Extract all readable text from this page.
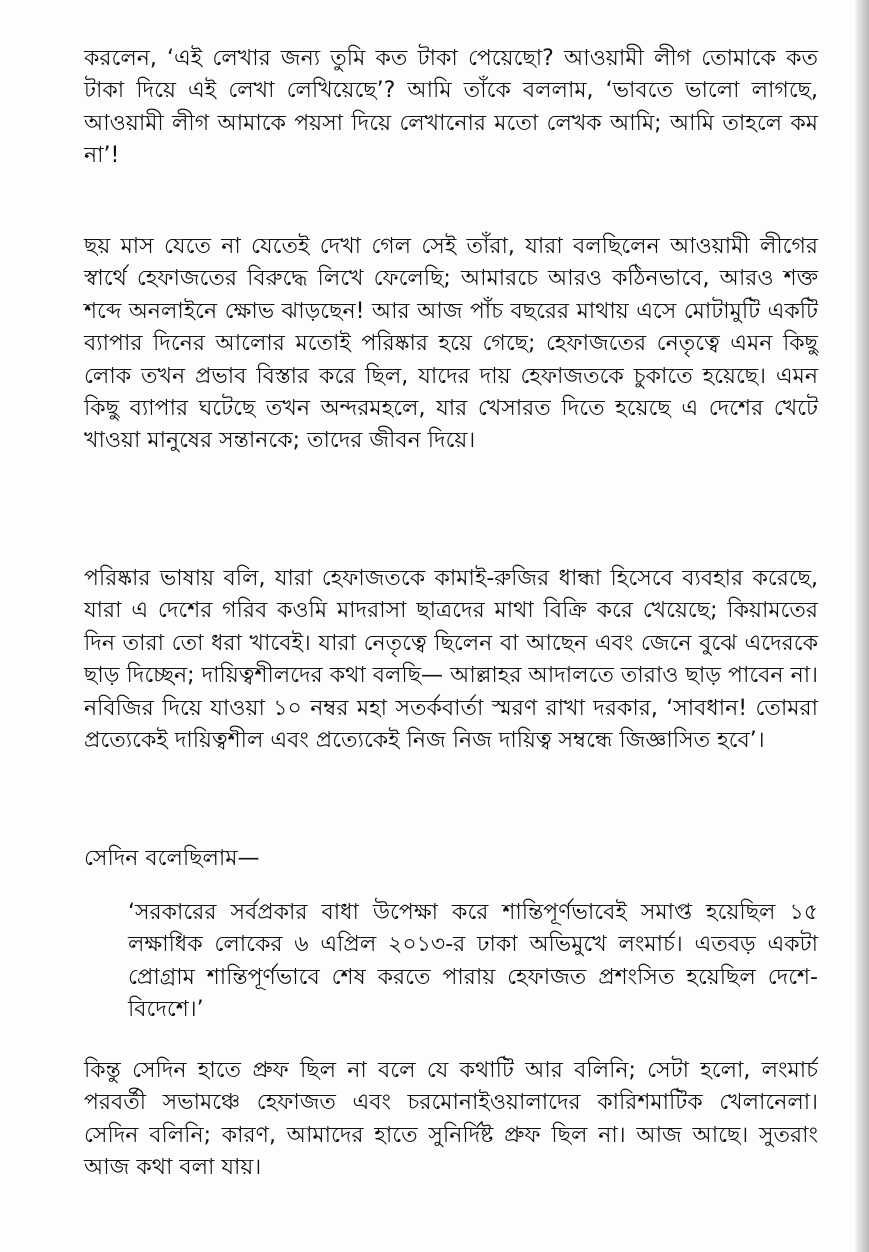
করলেন, ‘এই লেখার জন্য তুমি কত টাকা পেয়েছো? আওয়ামী লীগ তোমাকে কত টাকা দিয়ে এই লেখা লেখিয়েছে’? আমি তাঁকে বললাম, ‘ভাবতে ভালো লাগছে, আওয়ামী লীগ আমাকে পয়সা দিয়ে লেখানোর মতো লেখক আমি; আমি তাহলে কম না’!
ছয় মাস যেতে না যেতেই দেখা গেল সেই তাঁরা, যারা বলছিলেন আওয়ামী লীগের স্বার্থে হেফাজতের বিরুদ্ধে লিখে ফেলেছি; আমারচে আরও কঠিনভাবে, আরও শক্ত শব্দে অনলাইনে ক্ষোভ ঝাড়ছেন! আর আজ পাঁচ বছরের মাথায় এসে মোটামুটি একটি ব্যাপার দিনের আলোর মতোই পরিষ্কার হয়ে গেছে; হেফাজতের নেতৃত্বে এমন কিছু লোক তখন প্রভাব বিস্তার করে ছিল, যাদের দায় হেফাজতকে চুকাতে হয়েছে। এমন কিছু ব্যাপার ঘটেছে তখন অন্দরমহলে, যার খেসারত দিতে হয়েছে এ দেশের খেটে খাওয়া মানুষের সন্তানকে; তাদের জীবন দিয়ে।
পরিষ্কার ভাষায় বলি, যারা হেফাজতকে কামাই-রুজির ধান্ধা হিসেবে ব্যবহার করেছে, যারা এ দেশের গরিব কওমি মাদরাসা ছাত্রদের মাথা বিক্রি করে খেয়েছে; কিয়ামতের দিন তারা তো ধরা খাবেই। যারা নেতৃত্বে ছিলেন বা আছেন এবং জেনে বুঝে এদেরকে ছাড় দিচ্ছেন; দায়িত্বশীলদের কথা বলছি— আল্লাহর আদালতে তারাও ছাড় পাবেন না। নবিজির দিয়ে যাওয়া ১০ নম্বর মহা সতর্কবার্তা স্মরণ রাখা দরকার, ‘সাবধান! তোমরা প্রত্যেকেই দায়িত্বশীল এবং প্রত্যেকেই নিজ নিজ দায়িত্ব সম্বন্ধে জিজ্ঞাসিত হবে’।
সেদিন বলেছিলাম—
‘সরকারের সর্বপ্রকার বাধা উপেক্ষা করে শান্তিপূর্ণভাবেই সমাপ্ত হয়েছিল ১৫ লক্ষাধিক লোকের ৬ এপ্রিল ২০১৩-র ঢাকা অভিমুখে লংমার্চ। এতবড় একটা প্রোগ্রাম শান্তিপূর্ণভাবে শেষ করতে পারায় হেফাজত প্রশংসিত হয়েছিল দেশে-বিদেশে।’
কিন্তু সেদিন হাতে প্রুফ ছিল না বলে যে কথাটি আর বলিনি; সেটা হলো, লংমার্চ পরবর্তী সভামঞ্চে হেফাজত এবং চরমোনাইওয়ালাদের কারিশমাটিক খেলানেলা। সেদিন বলিনি; কারণ, আমাদের হাতে সুনির্দিষ্ট প্রুফ ছিল না। আজ আছে। সুতরাং আজ কথা বলা যায়।
